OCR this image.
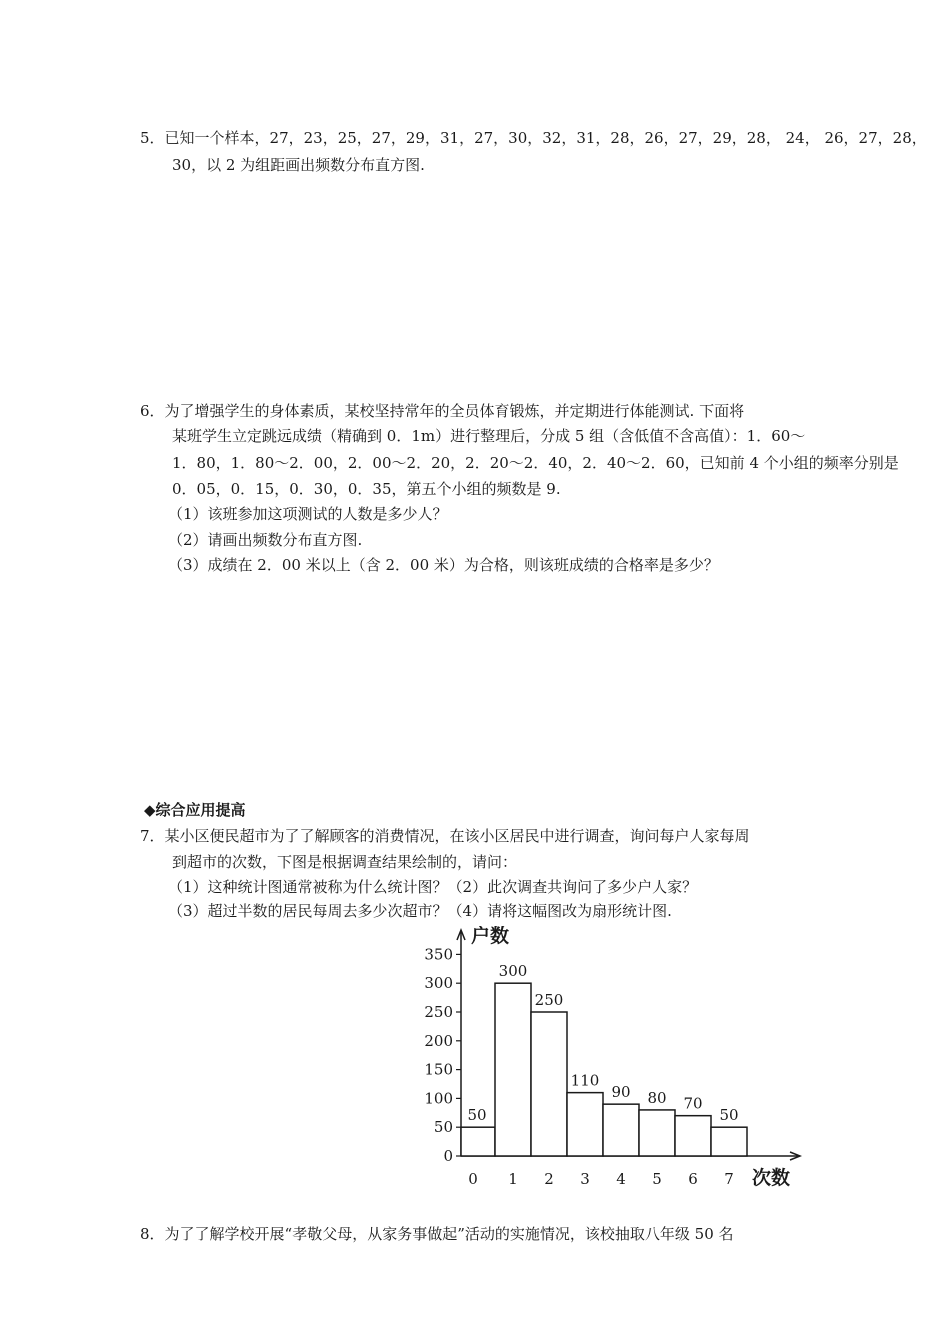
5．已知一个样本，27，23，25，27，29，31，27，30，32，31，28，26，27，29，28， 24， 26，27，28，
30，以 2 为组距画出频数分布直方图.
6．为了增强学生的身体素质，某校坚持常年的全员体育锻炼，并定期进行体能测试. 下面将
某班学生立定跳远成绩（精确到 0．1m）进行整理后，分成 5 组（含低值不含高值）：1．60～
1．80，1．80～2．00，2．00～2．20，2．20～2．40，2．40～2．60，已知前 4 个小组的频率分别是
0．05，0．15，0．30，0．35，第五个小组的频数是 9.
（1）该班参加这项测试的人数是多少人？
（2）请画出频数分布直方图.
（3）成绩在 2．00 米以上（含 2．00 米）为合格，则该班成绩的合格率是多少？
◆综合应用提高
7．某小区便民超市为了了解顾客的消费情况，在该小区居民中进行调查，询问每户人家每周
到超市的次数，下图是根据调查结果绘制的，请问：
（1）这种统计图通常被称为什么统计图？（2）此次调查共询问了多少户人家？
（3）超过半数的居民每周去多少次超市？（4）请将这幅图改为扇形统计图.
0
50
100
150
200
250
300
350
户数
次数
50
0
300
1
250
2
110
3
90
4
80
5
70
6
50
7
8．为了了解学校开展“孝敬父母，从家务事做起”活动的实施情况，该校抽取八年级 50 名
